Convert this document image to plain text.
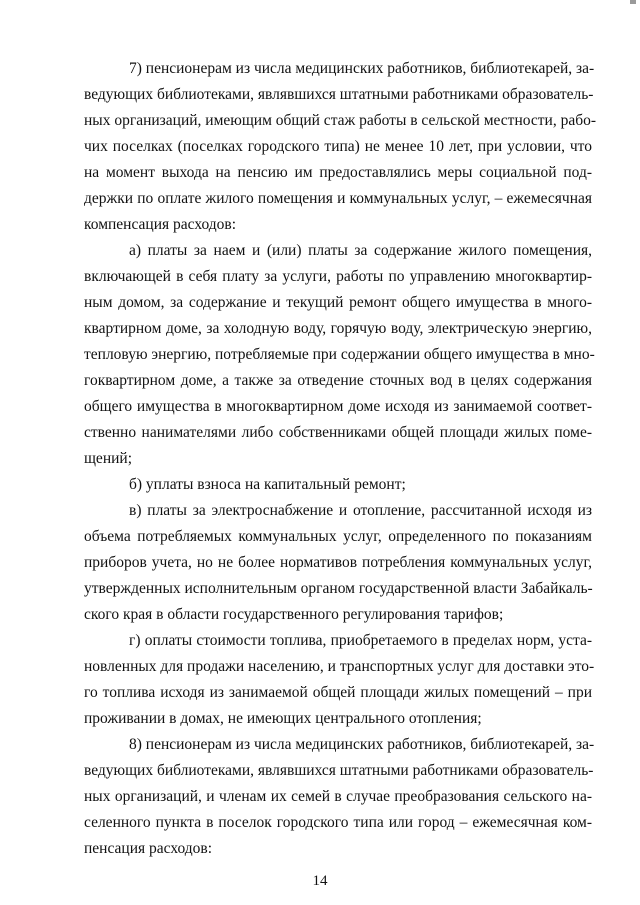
7) пенсионерам из числа медицинских работников, библиотекарей, за-

ведующих библиотеками, являвшихся штатными работниками образователь-

ных организаций, имеющим общий стаж работы в сельской местности, рабо-

чих поселках (поселках городского типа) не менее 10 лет, при условии, что

на момент выхода на пенсию им предоставлялись меры социальной под-

держки по оплате жилого помещения и коммунальных услуг, – ежемесячная

компенсация расходов:

а) платы за наем и (или) платы за содержание жилого помещения,

включающей в себя плату за услуги, работы по управлению многоквартир-

ным домом, за содержание и текущий ремонт общего имущества в много-

квартирном доме, за холодную воду, горячую воду, электрическую энергию,

тепловую энергию, потребляемые при содержании общего имущества в мно-

гоквартирном доме, а также за отведение сточных вод в целях содержания

общего имущества в многоквартирном доме исходя из занимаемой соответ-

ственно нанимателями либо собственниками общей площади жилых поме-

щений;

б) уплаты взноса на капитальный ремонт;

в) платы за электроснабжение и отопление, рассчитанной исходя из

объема потребляемых коммунальных услуг, определенного по показаниям

приборов учета, но не более нормативов потребления коммунальных услуг,

утвержденных исполнительным органом государственной власти Забайкаль-

ского края в области государственного регулирования тарифов;

г) оплаты стоимости топлива, приобретаемого в пределах норм, уста-

новленных для продажи населению, и транспортных услуг для доставки это-

го топлива исходя из занимаемой общей площади жилых помещений – при

проживании в домах, не имеющих центрального отопления;

8) пенсионерам из числа медицинских работников, библиотекарей, за-

ведующих библиотеками, являвшихся штатными работниками образователь-

ных организаций, и членам их семей в случае преобразования сельского на-

селенного пункта в поселок городского типа или город – ежемесячная ком-

пенсация расходов:

14
